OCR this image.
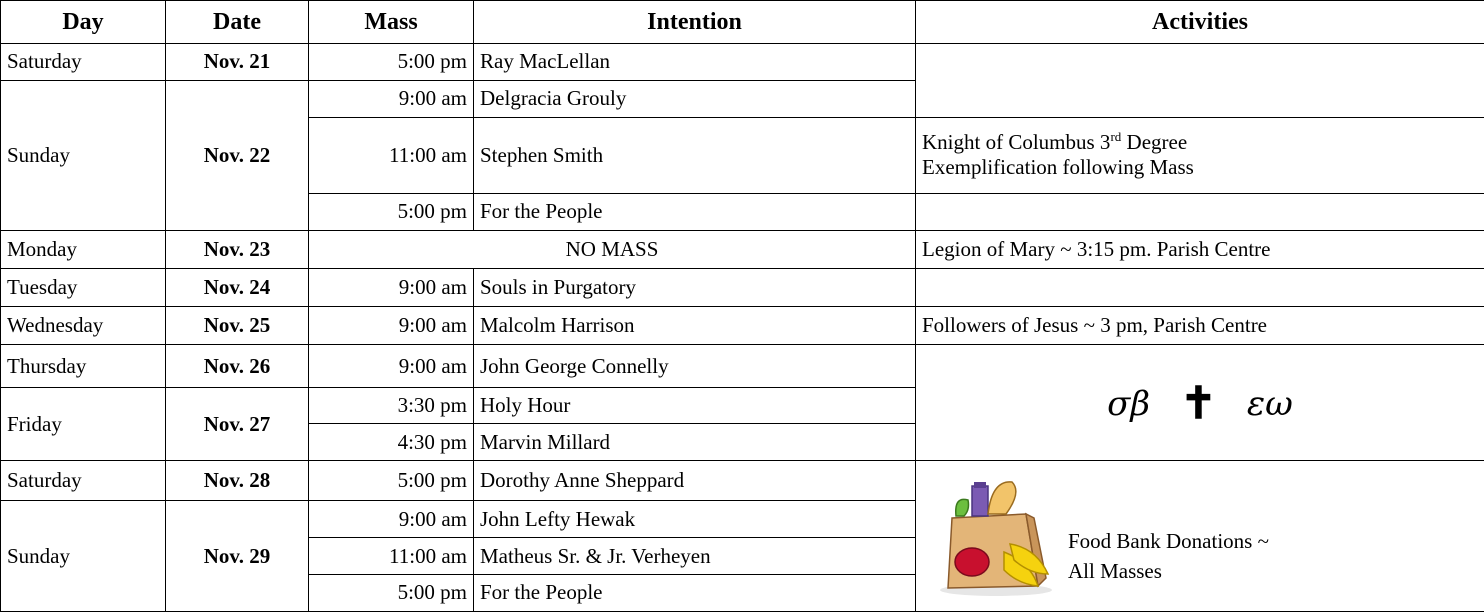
Day	Date	Mass	Intention	Activities
Saturday	Nov. 21	5:00 pm	Ray MacLellan	
Sunday	Nov. 22	9:00 am	Delgracia Grouly	
		11:00 am	Stephen Smith	Knight of Columbus 3rd Degree
Exemplification following Mass

		5:00 pm	For the People	
Monday	Nov. 23	NO MASS		Legion of Mary ~ 3:15 pm. Parish Centre
Tuesday	Nov. 24	9:00 am	Souls in Purgatory	
Wednesday	Nov. 25	9:00 am	Malcolm Harrison	Followers of Jesus ~ 3 pm, Parish Centre
Thursday	Nov. 26	9:00 am	John George Connelly	σβ ✝ εω
Friday	Nov. 27	3:30 pm	Holy Hour	
		4:30 pm	Marvin Millard	
Saturday	Nov. 28	5:00 pm	Dorothy Anne Sheppard	Food Bank Donations ~
All Masses

Sunday	Nov. 29	9:00 am	John Lefty Hewak	
		11:00 am	Matheus Sr. & Jr. Verheyen	
		5:00 pm	For the People	
